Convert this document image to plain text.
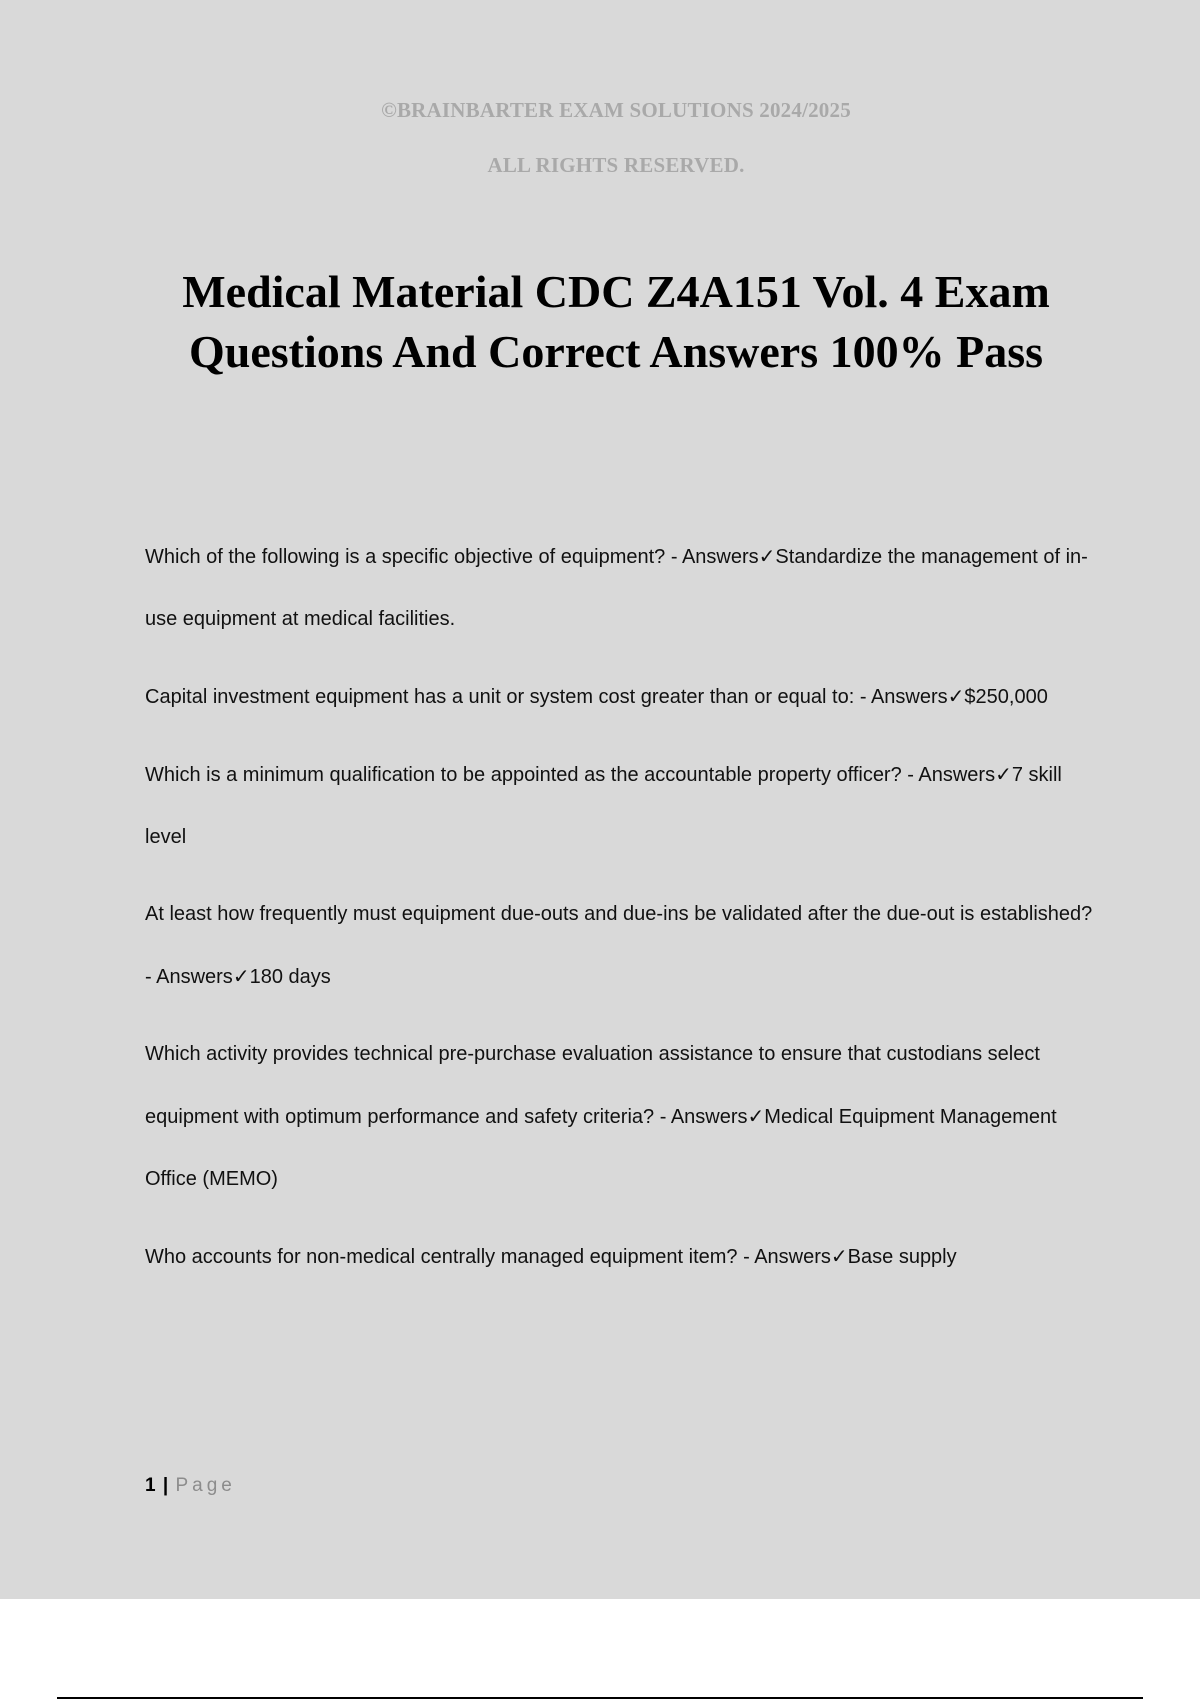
©BRAINBARTER EXAM SOLUTIONS 2024/2025
ALL RIGHTS RESERVED.
Medical Material CDC Z4A151 Vol. 4 Exam
Questions And Correct Answers 100% Pass
Which of the following is a specific objective of equipment? - Answers✓Standardize the management of in-use equipment at medical facilities.
Capital investment equipment has a unit or system cost greater than or equal to: - Answers✓$250,000
Which is a minimum qualification to be appointed as the accountable property officer? - Answers✓7 skill level
At least how frequently must equipment due-outs and due-ins be validated after the due-out is established? - Answers✓180 days
Which activity provides technical pre-purchase evaluation assistance to ensure that custodians select equipment with optimum performance and safety criteria? - Answers✓Medical Equipment Management Office (MEMO)
Who accounts for non-medical centrally managed equipment item? - Answers✓Base supply
1 | Page
